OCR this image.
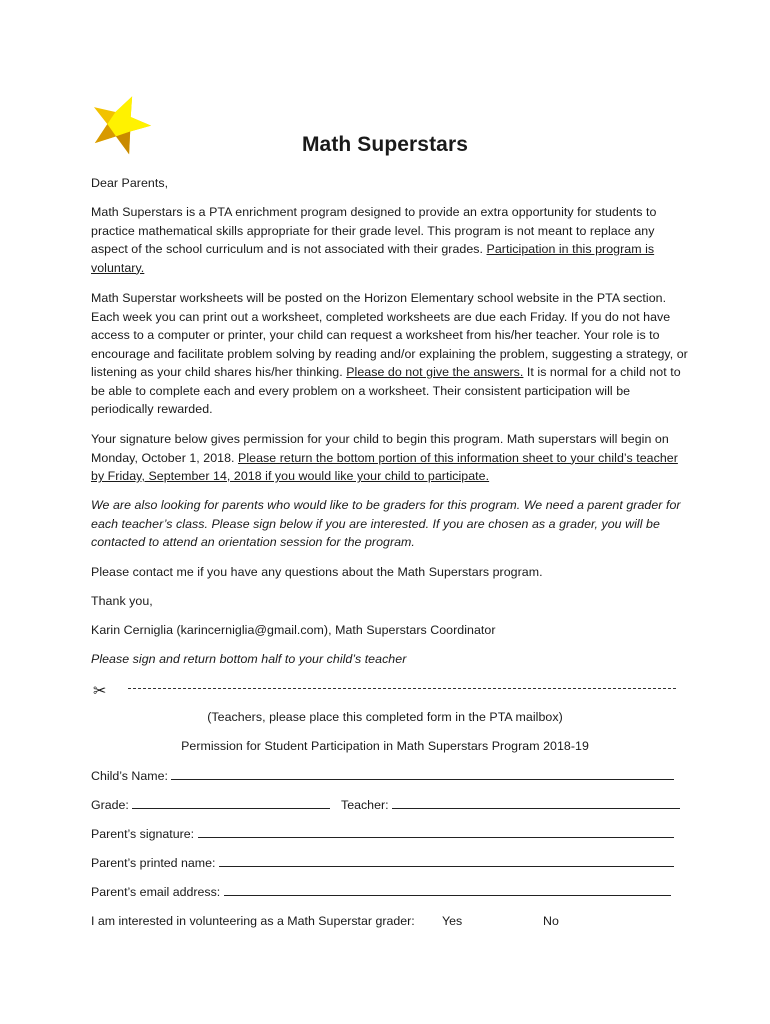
Math Superstars

Dear Parents,

Math Superstars is a PTA enrichment program designed to provide an extra opportunity for students to practice mathematical skills appropriate for their grade level. This program is not meant to replace any aspect of the school curriculum and is not associated with their grades. Participation in this program is voluntary.

Math Superstar worksheets will be posted on the Horizon Elementary school website in the PTA section. Each week you can print out a worksheet, completed worksheets are due each Friday. If you do not have access to a computer or printer, your child can request a worksheet from his/her teacher. Your role is to encourage and facilitate problem solving by reading and/or explaining the problem, suggesting a strategy, or listening as your child shares his/her thinking. Please do not give the answers. It is normal for a child not to be able to complete each and every problem on a worksheet. Their consistent participation will be periodically rewarded.

Your signature below gives permission for your child to begin this program. Math superstars will begin on Monday, October 1, 2018. Please return the bottom portion of this information sheet to your child’s teacher by Friday, September 14, 2018 if you would like your child to participate.

We are also looking for parents who would like to be graders for this program. We need a parent grader for each teacher’s class. Please sign below if you are interested. If you are chosen as a grader, you will be contacted to attend an orientation session for the program.

Please contact me if you have any questions about the Math Superstars program.

Thank you,

Karin Cerniglia (karincerniglia@gmail.com), Math Superstars Coordinator

Please sign and return bottom half to your child’s teacher

✂

(Teachers, please place this completed form in the PTA mailbox)

Permission for Student Participation in Math Superstars Program 2018-19

Child’s Name:
Grade:	Teacher:
Parent’s signature:
Parent’s printed name:
Parent’s email address:
I am interested in volunteering as a Math Superstar grader: Yes	No
